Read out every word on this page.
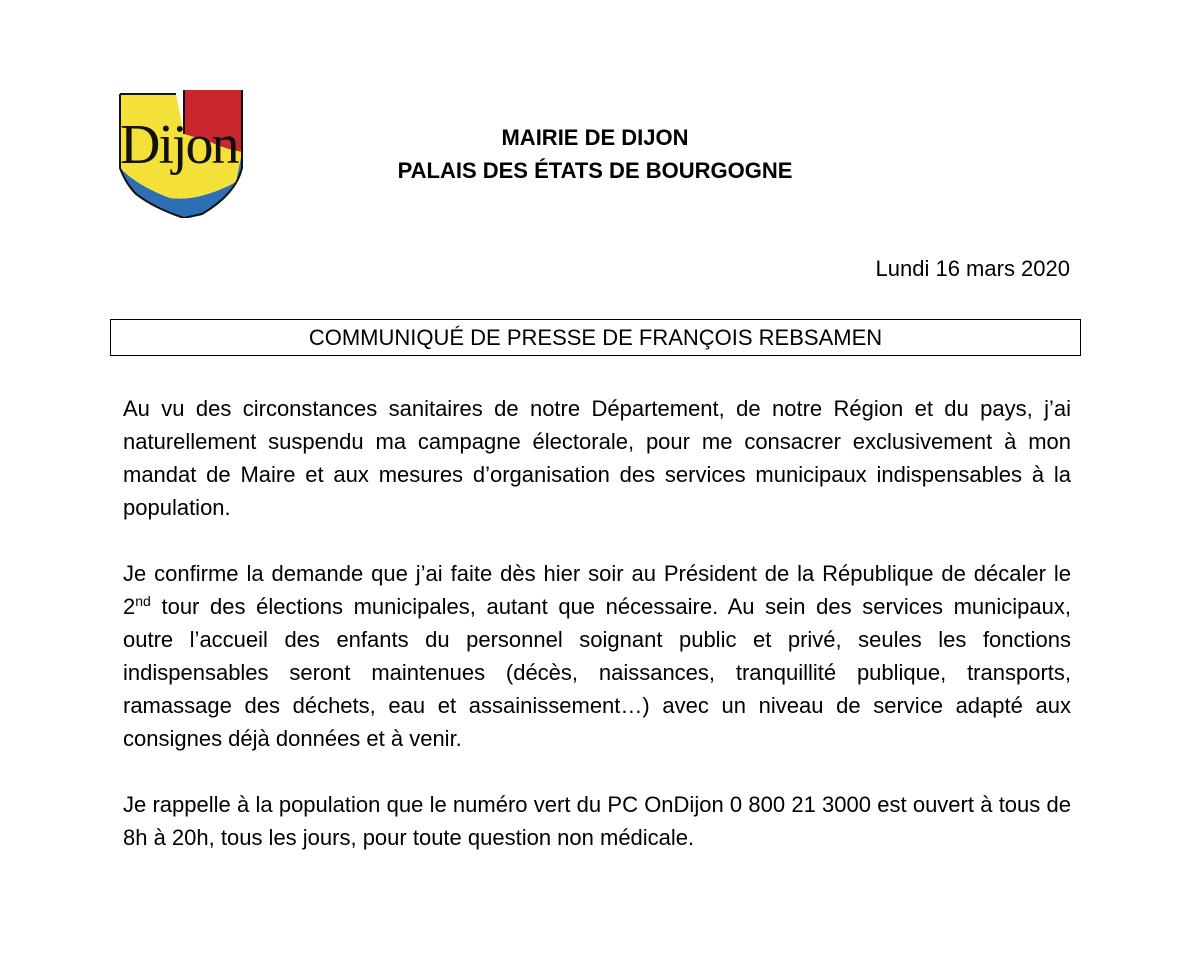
Dijon	MAIRIE DE DIJON
PALAIS DES ÉTATS DE BOURGOGNE
Lundi 16 mars 2020
COMMUNIQUÉ DE PRESSE DE FRANÇOIS REBSAMEN
Au vu des circonstances sanitaires de notre Département, de notre Région et du pays, j’ai naturellement suspendu ma campagne électorale, pour me consacrer exclusivement à mon mandat de Maire et aux mesures d’organisation des services municipaux indispensables à la population.
Je confirme la demande que j’ai faite dès hier soir au Président de la République de décaler le 2nd tour des élections municipales, autant que nécessaire. Au sein des services municipaux, outre l’accueil des enfants du personnel soignant public et privé, seules les fonctions indispensables seront maintenues (décès, naissances, tranquillité publique, transports, ramassage des déchets, eau et assainissement…) avec un niveau de service adapté aux consignes déjà données et à venir.
Je rappelle à la population que le numéro vert du PC OnDijon 0 800 21 3000 est ouvert à tous de 8h à 20h, tous les jours, pour toute question non médicale.
